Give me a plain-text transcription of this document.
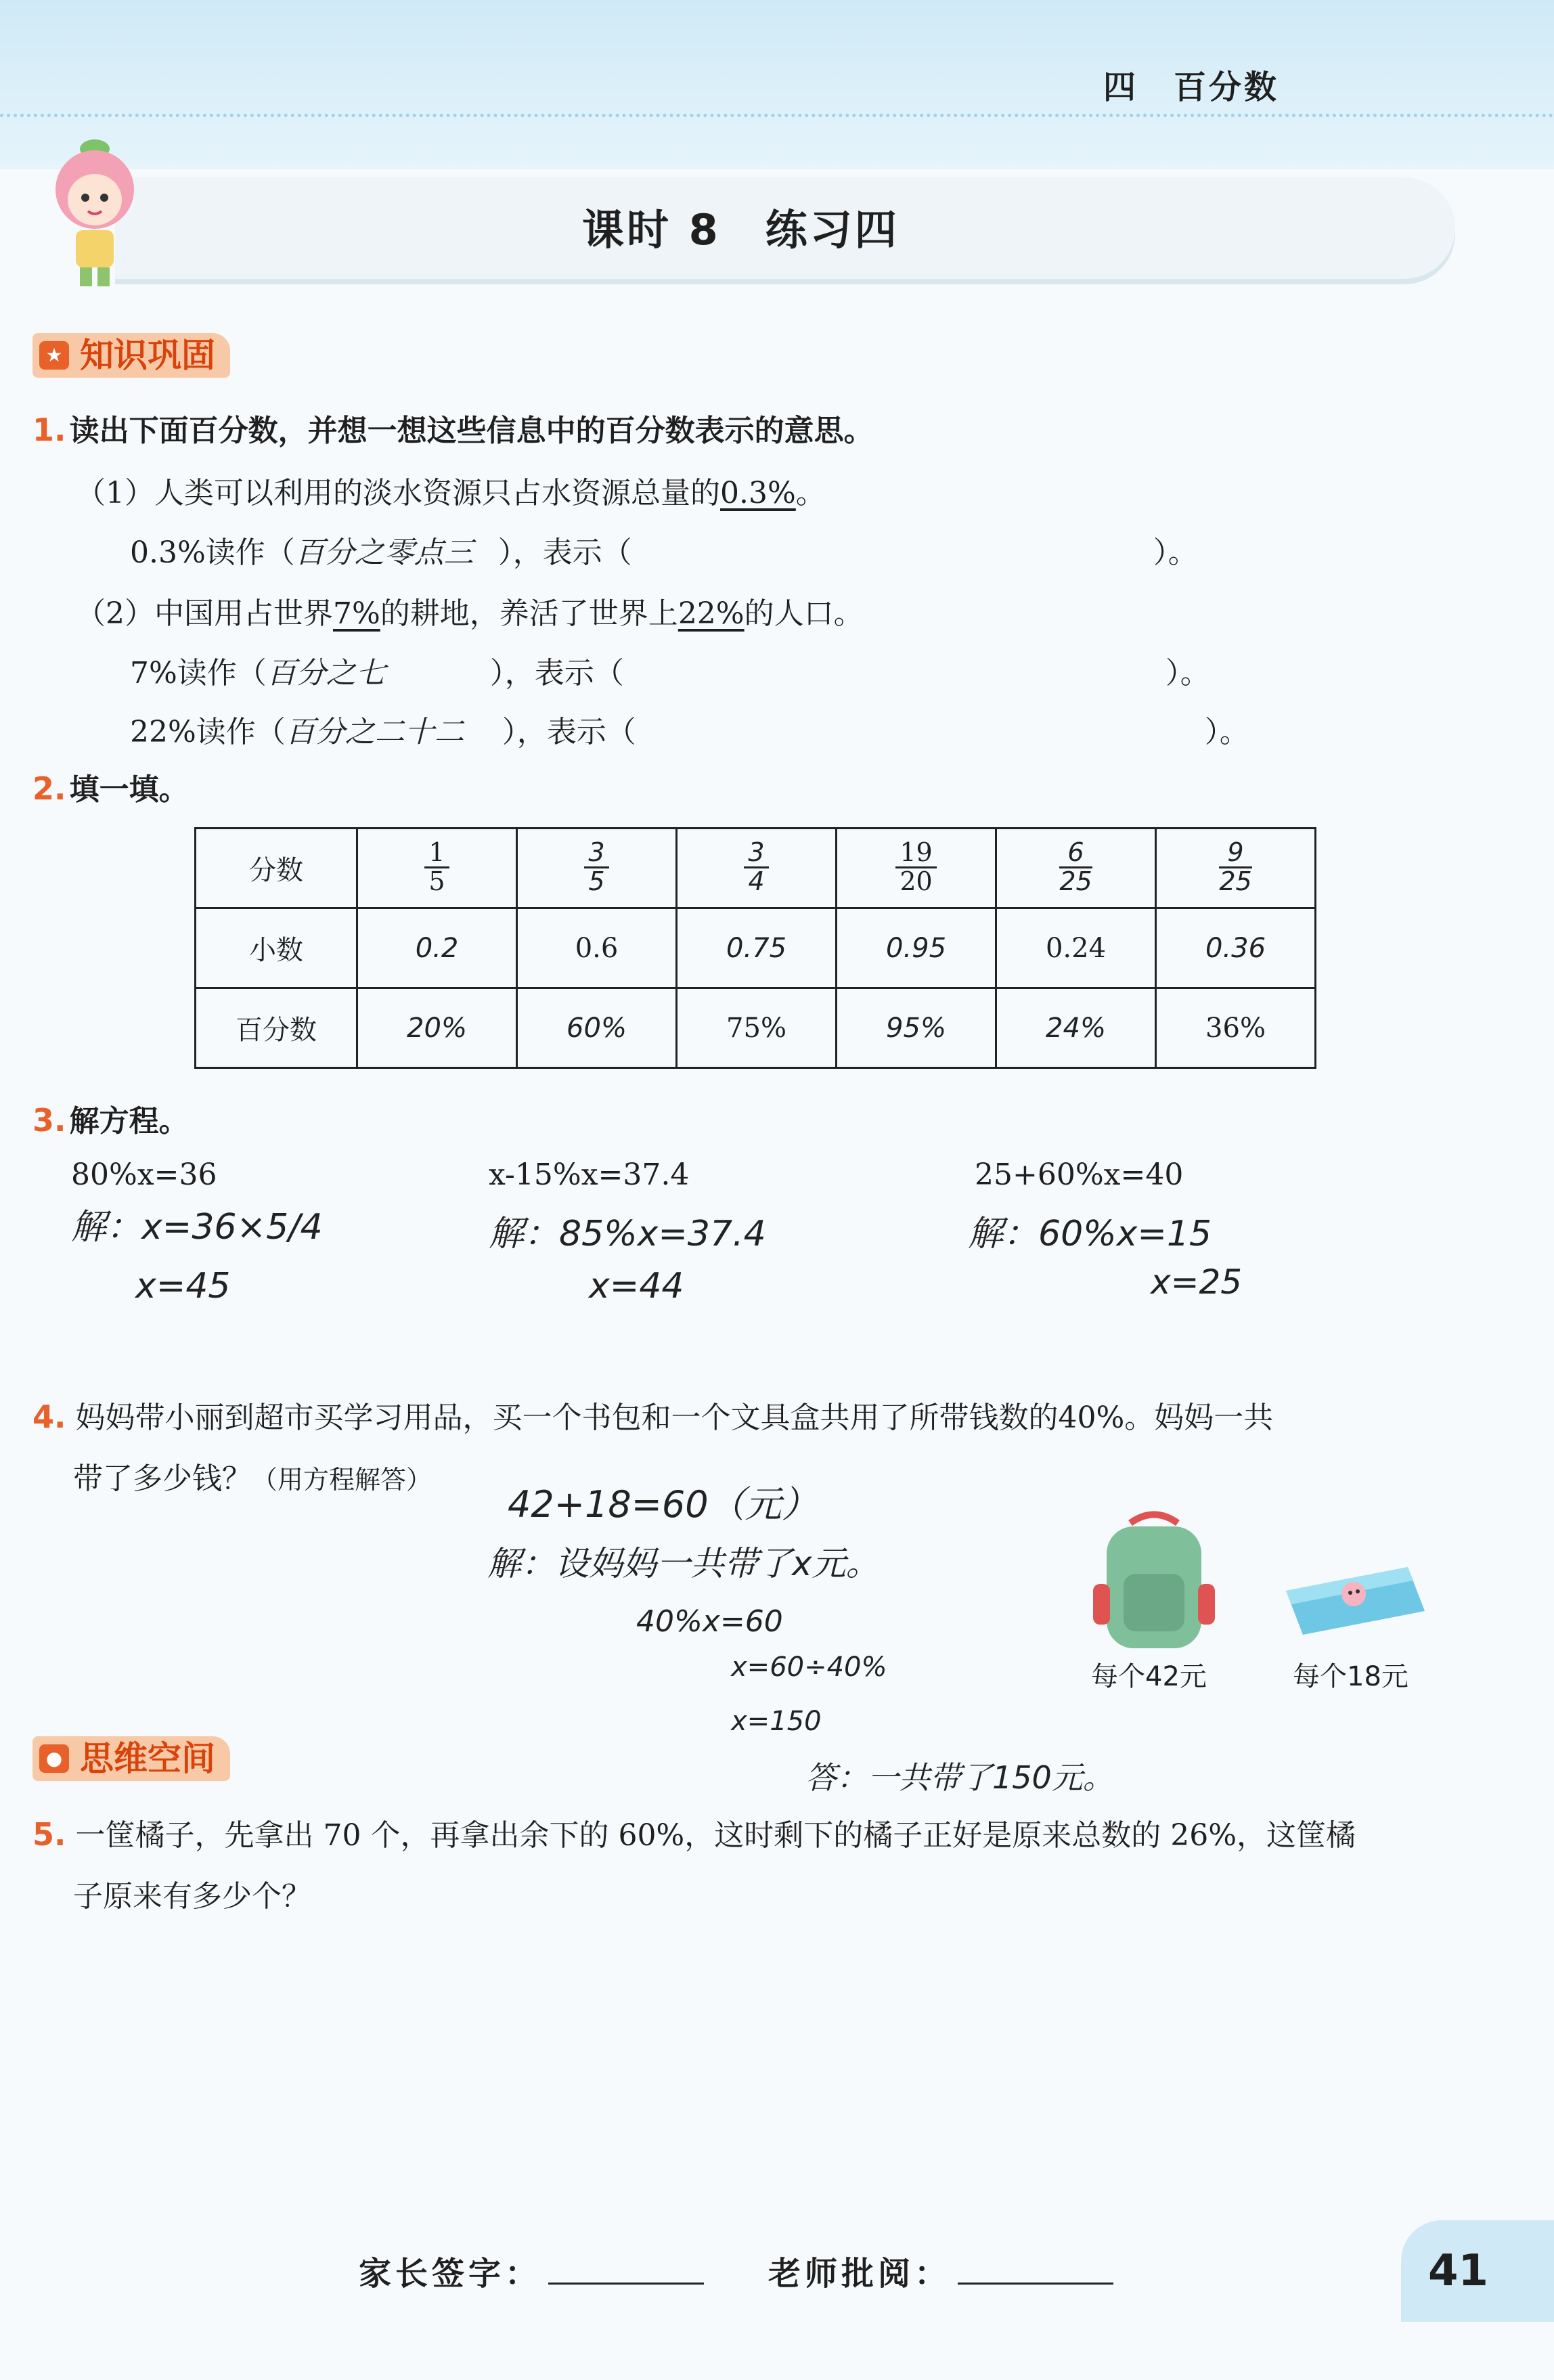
四　百分数
课时 8　练习四
★ 知识巩固
1. 读出下面百分数，并想一想这些信息中的百分数表示的意思。
（1）人类可以利用的淡水资源只占水资源总量的0.3%。
0.3%读作（百分之零点三 ），表示（	）。
（2）中国用占世界7%的耕地，养活了世界上22%的人口。
7%读作（百分之七	），表示（	）。
22%读作（百分之二十二 ），表示（	）。
2. 填一填。
分数	$\frac{1}{5}$	$\frac{3}{5}$	$\frac{3}{4}$	$\frac{19}{20}$	$\frac{6}{25}$	$\frac{9}{25}$

小数	0.2	0.6	0.75	0.95	0.24	0.36
百分数	20%	60%	75%	95%	24%	36%
3. 解方程。
80%x=36
解：x=36×5/4
x=45
x-15%x=37.4
解：85%x=37.4
x=44
25+60%x=40
解：60%x=15
x=25
4. 妈妈带小丽到超市买学习用品，买一个书包和一个文具盒共用了所带钱数的40%。妈妈一共
带了多少钱？（用方程解答）
42+18=60（元）
解：设妈妈一共带了x元。
40%x=60
x=60÷40%
x=150
答：一共带了150元。
每个42元	每个18元
● 思维空间
5. 一筐橘子，先拿出 70 个，再拿出余下的 60%，这时剩下的橘子正好是原来总数的 26%，这筐橘
子原来有多少个？
家长签字：	老师批阅：	41
